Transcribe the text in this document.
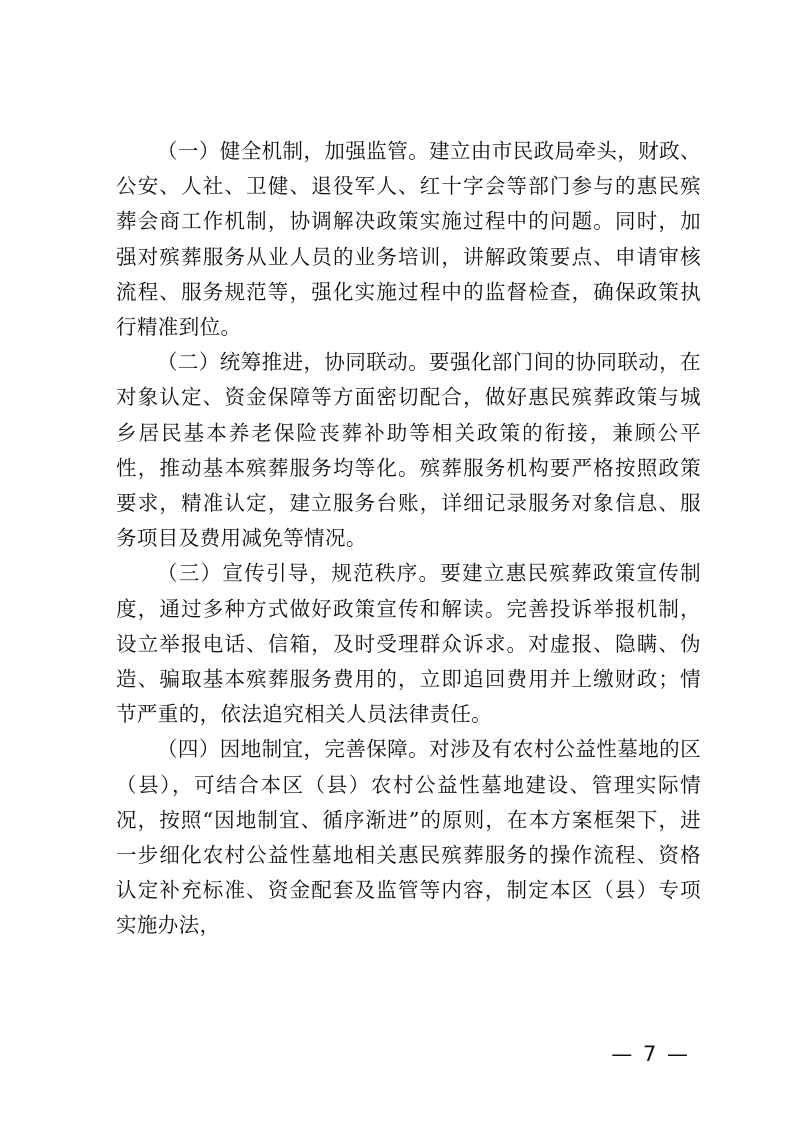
（一）健全机制，加强监管。建立由市民政局牵头，财政、公安、人社、卫健、退役军人、红十字会等部门参与的惠民殡葬会商工作机制，协调解决政策实施过程中的问题。同时，加强对殡葬服务从业人员的业务培训，讲解政策要点、申请审核流程、服务规范等，强化实施过程中的监督检查，确保政策执行精准到位。

（二）统筹推进，协同联动。要强化部门间的协同联动，在对象认定、资金保障等方面密切配合，做好惠民殡葬政策与城乡居民基本养老保险丧葬补助等相关政策的衔接，兼顾公平性，推动基本殡葬服务均等化。殡葬服务机构要严格按照政策要求，精准认定，建立服务台账，详细记录服务对象信息、服务项目及费用减免等情况。

（三）宣传引导，规范秩序。要建立惠民殡葬政策宣传制度，通过多种方式做好政策宣传和解读。完善投诉举报机制，设立举报电话、信箱，及时受理群众诉求。对虚报、隐瞒、伪造、骗取基本殡葬服务费用的，立即追回费用并上缴财政；情节严重的，依法追究相关人员法律责任。

（四）因地制宜，完善保障。对涉及有农村公益性墓地的区（县），可结合本区（县）农村公益性墓地建设、管理实际情况，按照“因地制宜、循序渐进”的原则，在本方案框架下，进一步细化农村公益性墓地相关惠民殡葬服务的操作流程、资格认定补充标准、资金配套及监管等内容，制定本区（县）专项实施办法，

— 7 —
